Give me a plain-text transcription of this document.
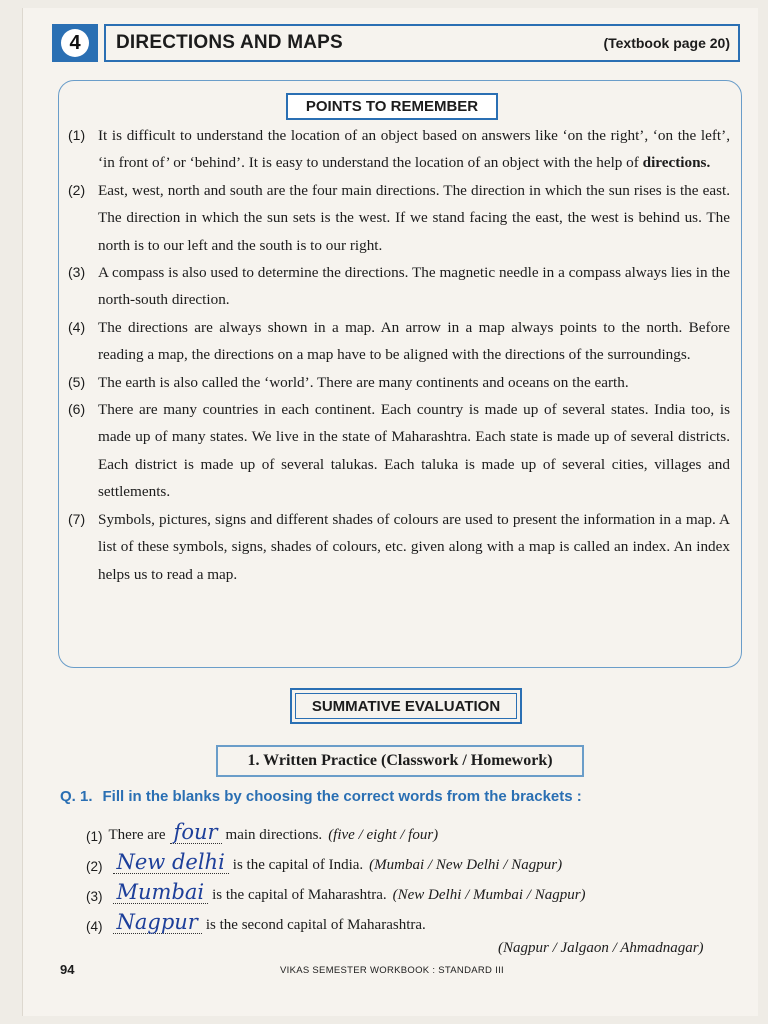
4	DIRECTIONS AND MAPS	(Textbook page 20)
POINTS TO REMEMBER
(1) It is difficult to understand the location of an object based on answers like ‘on the right’, ‘on the left’, ‘in front of’ or ‘behind’. It is easy to understand the location of an object with the help of directions.
(2) East, west, north and south are the four main directions. The direction in which the sun rises is the east. The direction in which the sun sets is the west. If we stand facing the east, the west is behind us. The north is to our left and the south is to our right.
(3) A compass is also used to determine the directions. The magnetic needle in a compass always lies in the north-south direction.
(4) The directions are always shown in a map. An arrow in a map always points to the north. Before reading a map, the directions on a map have to be aligned with the directions of the surroundings.
(5) The earth is also called the ‘world’. There are many continents and oceans on the earth.
(6) There are many countries in each continent. Each country is made up of several states. India too, is made up of many states. We live in the state of Maharashtra. Each state is made up of several districts. Each district is made up of several talukas. Each taluka is made up of several cities, villages and settlements.
(7) Symbols, pictures, signs and different shades of colours are used to present the information in a map. A list of these symbols, signs, shades of colours, etc. given along with a map is called an index. An index helps us to read a map.
SUMMATIVE EVALUATION
1. Written Practice (Classwork / Homework)
Q. 1. Fill in the blanks by choosing the correct words from the brackets :
(1) There are four main directions. (five / eight / four)
(2) New delhi is the capital of India. (Mumbai / New Delhi / Nagpur)
(3) Mumbai is the capital of Maharashtra. (New Delhi / Mumbai / Nagpur)
(4) Nagpur is the second capital of Maharashtra.
(Nagpur / Jalgaon / Ahmadnagar)
94	VIKAS SEMESTER WORKBOOK : STANDARD III
